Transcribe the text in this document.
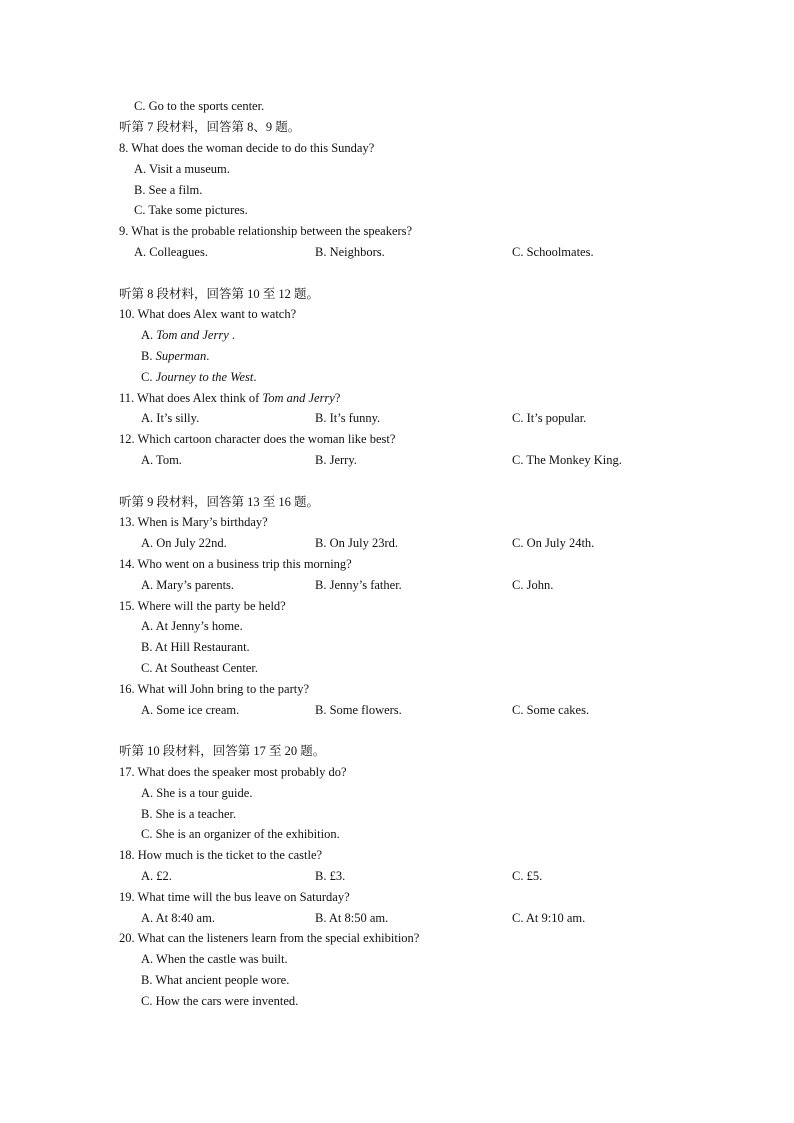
C. Go to the sports center.
听第 7 段材料，回答第 8、9 题。
8. What does the woman decide to do this Sunday?
A. Visit a museum.
B. See a film.
C. Take some pictures.
9. What is the probable relationship between the speakers?
A. Colleagues.	B. Neighbors.	C. Schoolmates.
听第 8 段材料，回答第 10 至 12 题。
10. What does Alex want to watch?
A. Tom and Jerry .
B. Superman.
C. Journey to the West.
11. What does Alex think of Tom and Jerry?
A. It’s silly.	B. It’s funny.	C. It’s popular.
12. Which cartoon character does the woman like best?
A. Tom.	B. Jerry.	C. The Monkey King.
听第 9 段材料，回答第 13 至 16 题。
13. When is Mary’s birthday?
A. On July 22nd.	B. On July 23rd.	C. On July 24th.
14. Who went on a business trip this morning?
A. Mary’s parents.	B. Jenny’s father.	C. John.
15. Where will the party be held?
A. At Jenny’s home.
B. At Hill Restaurant.
C. At Southeast Center.
16. What will John bring to the party?
A. Some ice cream.	B. Some flowers.	C. Some cakes.
听第 10 段材料，回答第 17 至 20 题。
17. What does the speaker most probably do?
A. She is a tour guide.
B. She is a teacher.
C. She is an organizer of the exhibition.
18. How much is the ticket to the castle?
A. £2.	B. £3.	C. £5.
19. What time will the bus leave on Saturday?
A. At 8:40 am.	B. At 8:50 am.	C. At 9:10 am.
20. What can the listeners learn from the special exhibition?
A. When the castle was built.
B. What ancient people wore.
C. How the cars were invented.
